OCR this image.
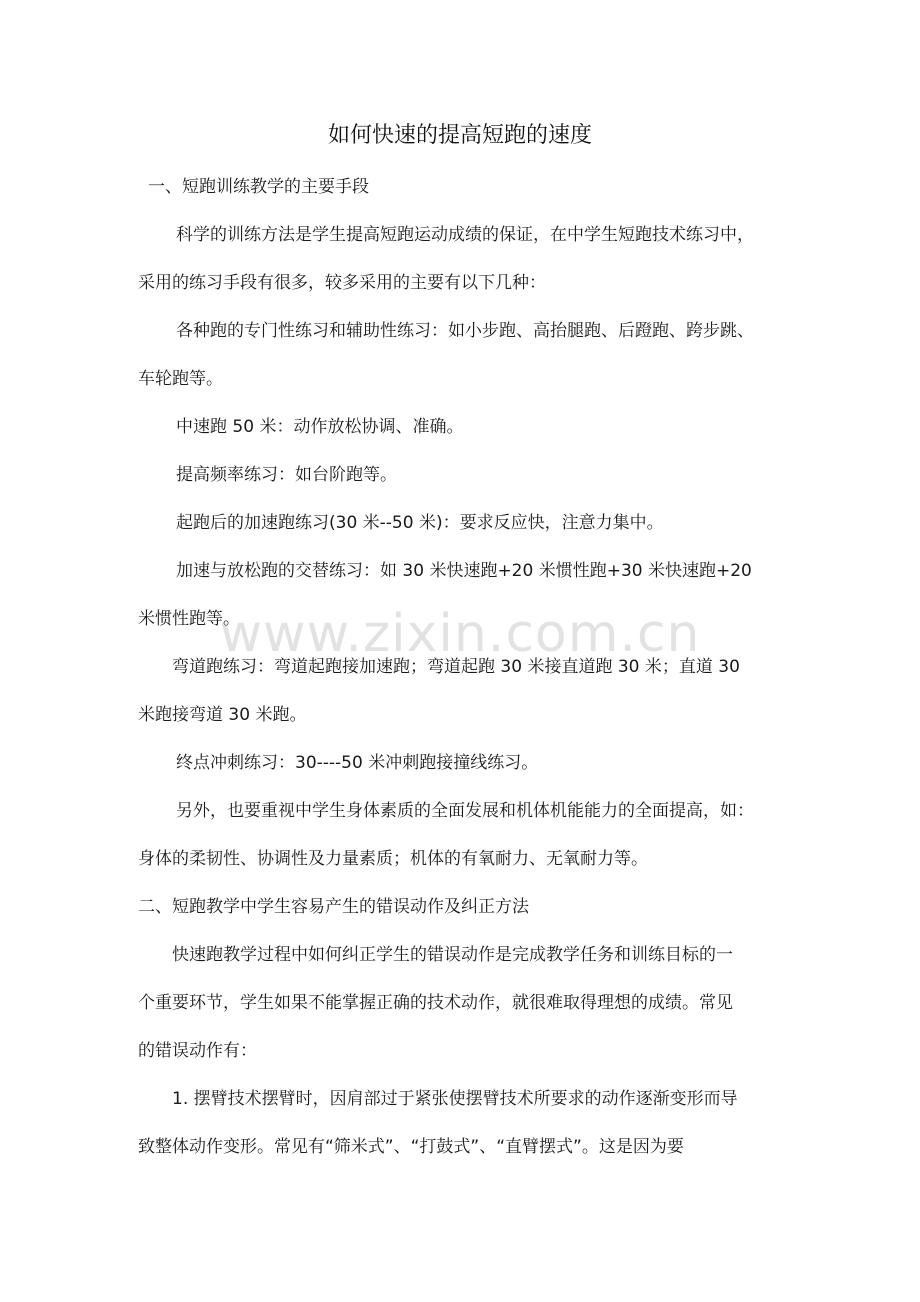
如何快速的提高短跑的速度

一、短跑训练教学的主要手段

科学的训练方法是学生提高短跑运动成绩的保证，在中学生短跑技术练习中，

采用的练习手段有很多，较多采用的主要有以下几种：

各种跑的专门性练习和辅助性练习：如小步跑、高抬腿跑、后蹬跑、跨步跳、

车轮跑等。

中速跑 50 米：动作放松协调、准确。

提高频率练习：如台阶跑等。

起跑后的加速跑练习(30 米--50 米)：要求反应快，注意力集中。

加速与放松跑的交替练习：如 30 米快速跑+20 米惯性跑+30 米快速跑+20

米惯性跑等。

弯道跑练习：弯道起跑接加速跑；弯道起跑 30 米接直道跑 30 米；直道 30

米跑接弯道 30 米跑。

终点冲刺练习：30----50 米冲刺跑接撞线练习。

另外，也要重视中学生身体素质的全面发展和机体机能能力的全面提高，如：

身体的柔韧性、协调性及力量素质；机体的有氧耐力、无氧耐力等。

二、短跑教学中学生容易产生的错误动作及纠正方法

快速跑教学过程中如何纠正学生的错误动作是完成教学任务和训练目标的一

个重要环节，学生如果不能掌握正确的技术动作，就很难取得理想的成绩。常见

的错误动作有：

1. 摆臂技术摆臂时，因肩部过于紧张使摆臂技术所要求的动作逐渐变形而导

致整体动作变形。常见有“筛米式”、“打鼓式”、“直臂摆式”。这是因为要

www.zixin.com.cn
